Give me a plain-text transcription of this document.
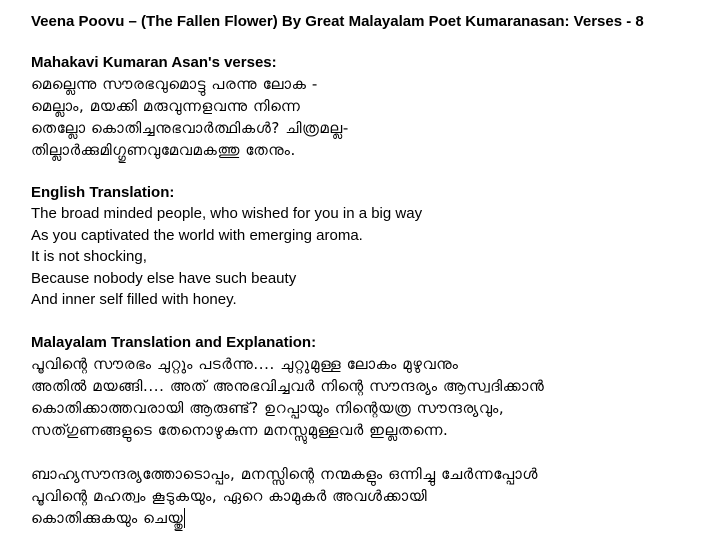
Veena Poovu – (The Fallen Flower) By Great Malayalam Poet Kumaranasan: Verses - 8
Mahakavi Kumaran Asan's verses:
മെല്ലെന്നു സൗരഭവുമൊട്ടു പരന്നു ലോക -
മെല്ലാം, മയക്കി മരുവുന്നളവന്നു നിന്നെ
തെല്ലോ കൊതിച്ചനുഭവാർത്ഥികൾ? ചിത്രമല്ല-
തില്ലാർക്കുമിഗ്ഗുണവുമേവമകത്തു തേനും.
English Translation:
The broad minded people, who wished for you in a big way
As you captivated the world with emerging aroma.
It is not shocking,
Because nobody else have such beauty
And inner self filled with honey.
Malayalam Translation and Explanation:
പൂവിന്റെ സൗരഭം ചുറ്റും പടർന്നു.... ചുറ്റുമുള്ള ലോകം മുഴുവനും
അതിൽ മയങ്ങി.... അത് അനുഭവിച്ചവർ നിന്റെ സൗന്ദര്യം ആസ്വദിക്കാൻ
കൊതിക്കാത്തവരായി ആരുണ്ട്? ഉറപ്പായും നിന്റെയത്ര സൗന്ദര്യവും,
സത്ഗുണങ്ങളുടെ തേനൊഴുകുന്ന മനസ്സുമുള്ളവർ ഇല്ലതന്നെ.
ബാഹ്യസൗന്ദര്യത്തോടൊപ്പം, മനസ്സിന്റെ നന്മകളും ഒന്നിച്ചു ചേർന്നപ്പോൾ
പൂവിന്റെ മഹത്വം കൂടുകയും, ഏറെ കാമുകർ അവൾക്കായി
കൊതിക്കുകയും ചെയ്തു
